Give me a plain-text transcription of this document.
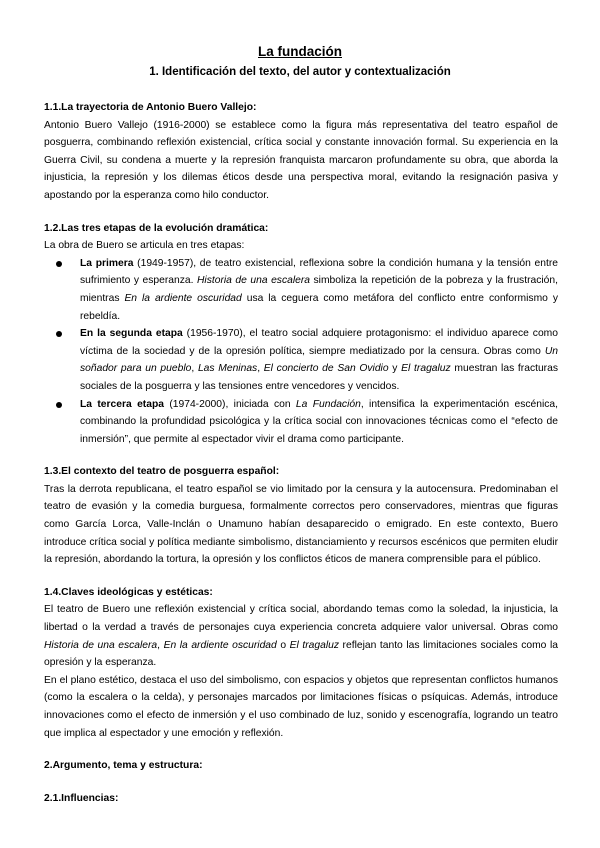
La fundación
1. Identificación del texto, del autor y contextualización
1.1.La trayectoria de Antonio Buero Vallejo:

Antonio Buero Vallejo (1916-2000) se establece como la figura más representativa del teatro español de posguerra, combinando reflexión existencial, crítica social y constante innovación formal. Su experiencia en la Guerra Civil, su condena a muerte y la represión franquista marcaron profundamente su obra, que aborda la injusticia, la represión y los dilemas éticos desde una perspectiva moral, evitando la resignación pasiva y apostando por la esperanza como hilo conductor.

1.2.Las tres etapas de la evolución dramática:

La obra de Buero se articula en tres etapas:

La primera (1949-1957), de teatro existencial, reflexiona sobre la condición humana y la tensión entre sufrimiento y esperanza. Historia de una escalera simboliza la repetición de la pobreza y la frustración, mientras En la ardiente oscuridad usa la ceguera como metáfora del conflicto entre conformismo y rebeldía.
En la segunda etapa (1956-1970), el teatro social adquiere protagonismo: el individuo aparece como víctima de la sociedad y de la opresión política, siempre mediatizado por la censura. Obras como Un soñador para un pueblo, Las Meninas, El concierto de San Ovidio y El tragaluz muestran las fracturas sociales de la posguerra y las tensiones entre vencedores y vencidos.
La tercera etapa (1974-2000), iniciada con La Fundación, intensifica la experimentación escénica, combinando la profundidad psicológica y la crítica social con innovaciones técnicas como el “efecto de inmersión”, que permite al espectador vivir el drama como participante.
1.3.El contexto del teatro de posguerra español:

Tras la derrota republicana, el teatro español se vio limitado por la censura y la autocensura. Predominaban el teatro de evasión y la comedia burguesa, formalmente correctos pero conservadores, mientras que figuras como García Lorca, Valle-Inclán o Unamuno habían desaparecido o emigrado. En este contexto, Buero introduce crítica social y política mediante simbolismo, distanciamiento y recursos escénicos que permiten eludir la represión, abordando la tortura, la opresión y los conflictos éticos de manera comprensible para el público.

1.4.Claves ideológicas y estéticas:

El teatro de Buero une reflexión existencial y crítica social, abordando temas como la soledad, la injusticia, la libertad o la verdad a través de personajes cuya experiencia concreta adquiere valor universal. Obras como Historia de una escalera, En la ardiente oscuridad o El tragaluz reflejan tanto las limitaciones sociales como la opresión y la esperanza.

En el plano estético, destaca el uso del simbolismo, con espacios y objetos que representan conflictos humanos (como la escalera o la celda), y personajes marcados por limitaciones físicas o psíquicas. Además, introduce innovaciones como el efecto de inmersión y el uso combinado de luz, sonido y escenografía, logrando un teatro que implica al espectador y une emoción y reflexión.

2.Argumento, tema y estructura:

2.1.Influencias:
